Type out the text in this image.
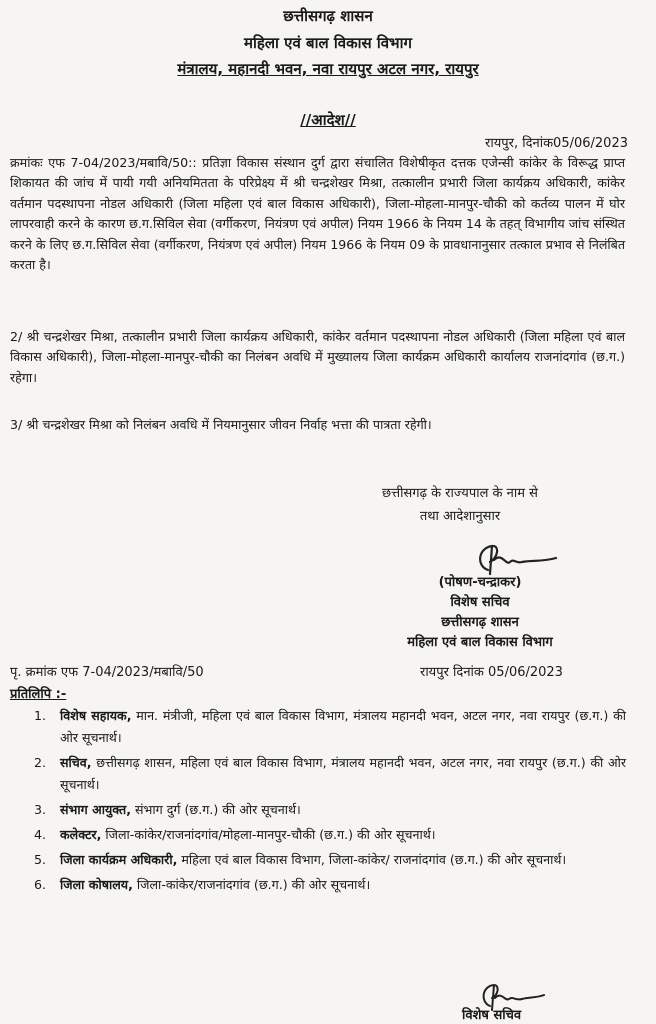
छत्तीसगढ़ शासन
महिला एवं बाल विकास विभाग
मंत्रालय, महानदी भवन, नवा रायपुर अटल नगर, रायपुर
//आदेश//
रायपुर, दिनांक05/06/2023
क्रमांकः एफ 7-04/2023/मबावि/50:: प्रतिज्ञा विकास संस्थान दुर्ग द्वारा संचालित विशेषीकृत दत्तक एजेन्सी कांकेर के विरूद्ध प्राप्त शिकायत की जांच में पायी गयी अनियमितता के परिप्रेक्ष्य में श्री चन्द्रशेखर मिश्रा, तत्कालीन प्रभारी जिला कार्यक्रय अधिकारी, कांकेर वर्तमान पदस्थापना नोडल अधिकारी (जिला महिला एवं बाल विकास अधिकारी), जिला-मोहला-मानपुर-चौकी को कर्तव्य पालन में घोर लापरवाही करने के कारण छ.ग.सिविल सेवा (वर्गीकरण, नियंत्रण एवं अपील) नियम 1966 के नियम 14 के तहत् विभागीय जांच संस्थित करने के लिए छ.ग.सिविल सेवा (वर्गीकरण, नियंत्रण एवं अपील) नियम 1966 के नियम 09 के प्रावधानानुसार तत्काल प्रभाव से निलंबित करता है।
2/ श्री चन्द्रशेखर मिश्रा, तत्कालीन प्रभारी जिला कार्यक्रय अधिकारी, कांकेर वर्तमान पदस्थापना नोडल अधिकारी (जिला महिला एवं बाल विकास अधिकारी), जिला-मोहला-मानपुर-चौकी का निलंबन अवधि में मुख्यालय जिला कार्यक्रम अधिकारी कार्यालय राजनांदगांव (छ.ग.) रहेगा।
3/ श्री चन्द्रशेखर मिश्रा को निलंबन अवधि में नियमानुसार जीवन निर्वाह भत्ता की पात्रता रहेगी।
छत्तीसगढ़ के राज्यपाल के नाम से
तथा आदेशानुसार
(पोषण-चन्द्राकर)
विशेष सचिव
छत्तीसगढ़ शासन
महिला एवं बाल विकास विभाग
पृ. क्रमांक एफ 7-04/2023/मबावि/50	रायपुर दिनांक 05/06/2023
प्रतिलिपि :-
1. विशेष सहायक, मान. मंत्रीजी, महिला एवं बाल विकास विभाग, मंत्रालय महानदी भवन, अटल नगर, नवा रायपुर (छ.ग.) की ओर सूचनार्थ।
2. सचिव, छत्तीसगढ़ शासन, महिला एवं बाल विकास विभाग, मंत्रालय महानदी भवन, अटल नगर, नवा रायपुर (छ.ग.) की ओर सूचनार्थ।
3. संभाग आयुक्त, संभाग दुर्ग (छ.ग.) की ओर सूचनार्थ।
4. कलेक्टर, जिला-कांकेर/राजनांदगांव/मोहला-मानपुर-चौकी (छ.ग.) की ओर सूचनार्थ।
5. जिला कार्यक्रम अधिकारी, महिला एवं बाल विकास विभाग, जिला-कांकेर/ राजनांदगांव (छ.ग.) की ओर सूचनार्थ।
6. जिला कोषालय, जिला-कांकेर/राजनांदगांव (छ.ग.) की ओर सूचनार्थ।
विशेष सचिव
